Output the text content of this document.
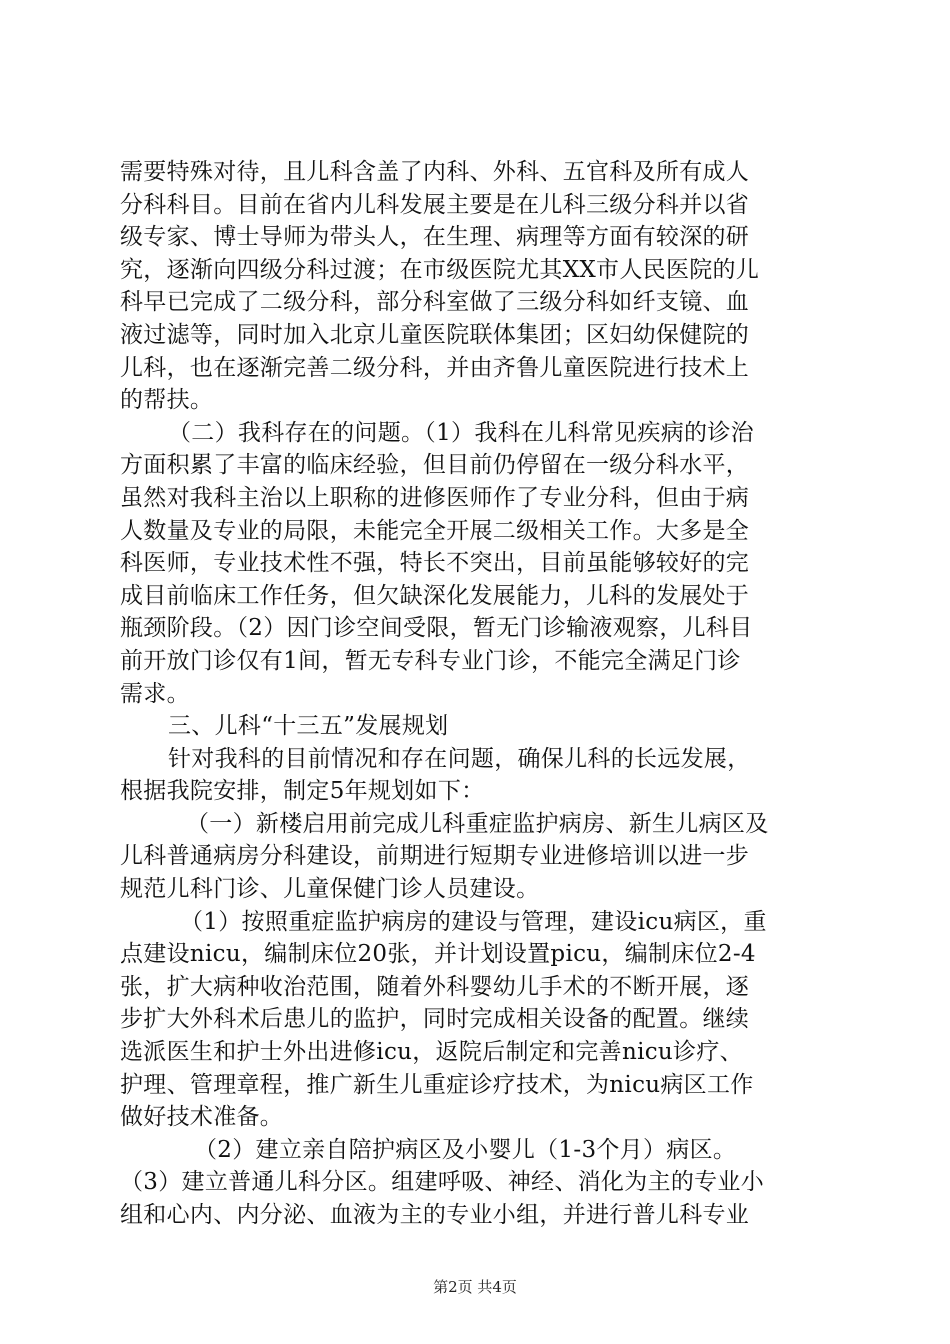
需要特殊对待，且儿科含盖了内科、外科、五官科及所有成人
分科科目。目前在省内儿科发展主要是在儿科三级分科并以省
级专家、博士导师为带头人，在生理、病理等方面有较深的研
究，逐渐向四级分科过渡；在市级医院尤其XX市人民医院的儿
科早已完成了二级分科，部分科室做了三级分科如纤支镜、血
液过滤等，同时加入北京儿童医院联体集团；区妇幼保健院的
儿科，也在逐渐完善二级分科，并由齐鲁儿童医院进行技术上
的帮扶。
（二）我科存在的问题。（1）我科在儿科常见疾病的诊治
方面积累了丰富的临床经验，但目前仍停留在一级分科水平，
虽然对我科主治以上职称的进修医师作了专业分科，但由于病
人数量及专业的局限，未能完全开展二级相关工作。大多是全
科医师，专业技术性不强，特长不突出，目前虽能够较好的完
成目前临床工作任务，但欠缺深化发展能力，儿科的发展处于
瓶颈阶段。（2）因门诊空间受限，暂无门诊输液观察，儿科目
前开放门诊仅有1间，暂无专科专业门诊，不能完全满足门诊
需求。
三、儿科“十三五”发展规划
针对我科的目前情况和存在问题，确保儿科的长远发展，
根据我院安排，制定5年规划如下：
（一）新楼启用前完成儿科重症监护病房、新生儿病区及
儿科普通病房分科建设，前期进行短期专业进修培训以进一步
规范儿科门诊、儿童保健门诊人员建设。
（1）按照重症监护病房的建设与管理，建设icu病区，重
点建设nicu，编制床位20张，并计划设置picu，编制床位2-4
张，扩大病种收治范围，随着外科婴幼儿手术的不断开展，逐
步扩大外科术后患儿的监护，同时完成相关设备的配置。继续
选派医生和护士外出进修icu，返院后制定和完善nicu诊疗、
护理、管理章程，推广新生儿重症诊疗技术，为nicu病区工作
做好技术准备。
（2）建立亲自陪护病区及小婴儿（1-3个月）病区。
（3）建立普通儿科分区。组建呼吸、神经、消化为主的专业小
组和心内、内分泌、血液为主的专业小组，并进行普儿科专业
第2页 共4页
